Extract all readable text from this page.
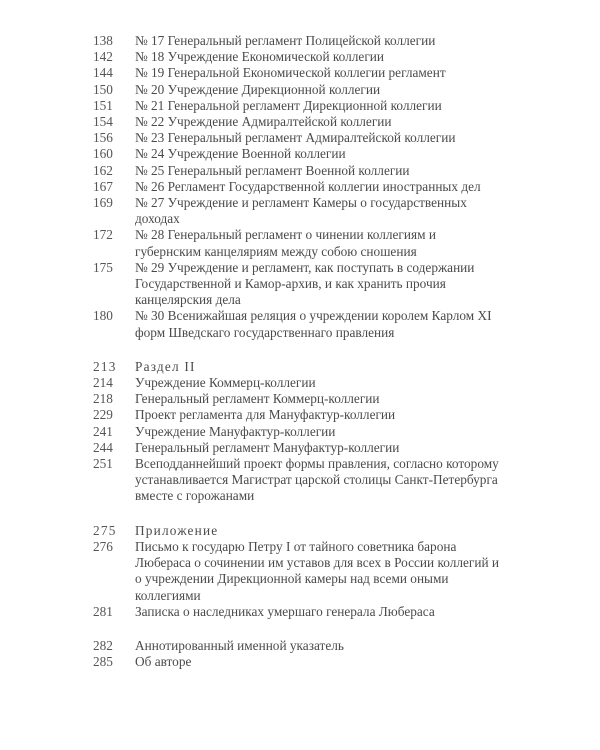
138	№ 17 Генеральный регламент Полицейской коллегии
142	№ 18 Учреждение Економической коллегии
144	№ 19 Генеральной Економической коллегии регламент
150	№ 20 Учреждение Дирекционной коллегии
151	№ 21 Генеральной регламент Дирекционной коллегии
154	№ 22 Учреждение Адмиралтейской коллегии
156	№ 23 Генеральный регламент Адмиралтейской коллегии
160	№ 24 Учреждение Военной коллегии
162	№ 25 Генеральный регламент Военной коллегии
167	№ 26 Регламент Государственной коллегии иностранных дел
169	№ 27 Учреждение и регламент Камеры о государственных доходах
172	№ 28 Генеральный регламент о чинении коллегиям и губернским канцеляриям между собою сношения
175	№ 29 Учреждение и регламент, как поступать в содержании Государственной и Камор-архив, и как хранить прочия канцелярския дела
180	№ 30 Всенижайшая реляция о учреждении королем Карлом XI форм Шведскаго государственнаго правления
213	Раздел II
214	Учреждение Коммерц-коллегии
218	Генеральный регламент Коммерц-коллегии
229	Проект регламента для Мануфактур-коллегии
241	Учреждение Мануфактур-коллегии
244	Генеральный регламент Мануфактур-коллегии
251	Всеподданнейший проект формы правления, согласно которому устанавливается Магистрат царской столицы Санкт-Петербурга вместе с горожанами
275	Приложение
276	Письмо к государю Петру I от тайного советника барона Любераса о сочинении им уставов для всех в России коллегий и о учреждении Дирекционной камеры над всеми оными коллегиями
281	Записка о наследниках умершаго генерала Любераса
282	Аннотированный именной указатель
285	Об авторе
